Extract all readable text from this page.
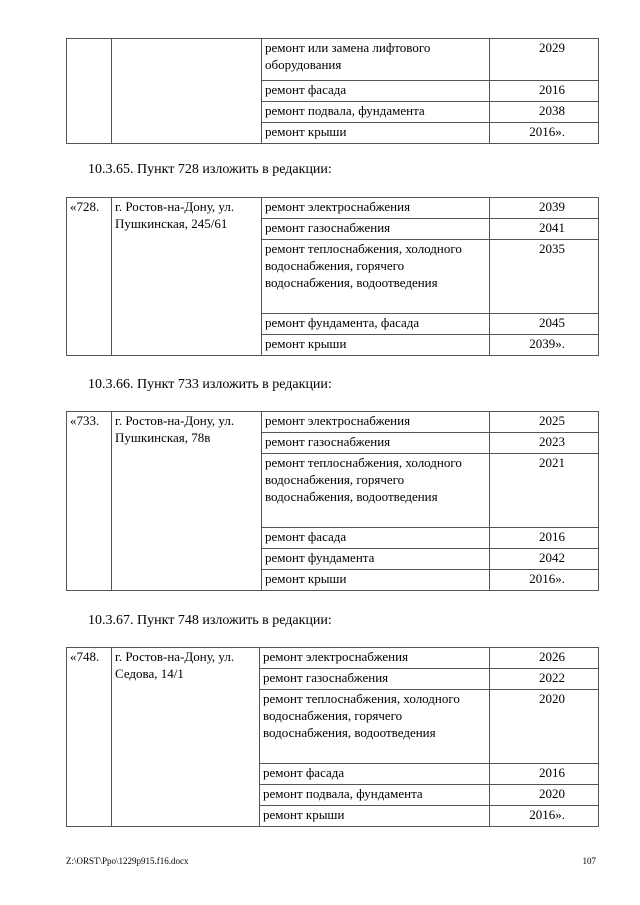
		ремонт или замена лифтового оборудования	2029
		ремонт фасада	2016
		ремонт подвала, фундамента	2038
		ремонт крыши	2016».
10.3.65. Пункт 728 изложить в редакции:
«728.	г. Ростов-на-Дону, ул. Пушкинская, 245/61	ремонт электроснабжения	2039
		ремонт газоснабжения	2041
		ремонт теплоснабжения, холодного водоснабжения, горячего водоснабжения, водоотведения	2035
		ремонт фундамента, фасада	2045
		ремонт крыши	2039».
10.3.66. Пункт 733 изложить в редакции:
«733.	г. Ростов-на-Дону, ул. Пушкинская, 78в	ремонт электроснабжения	2025
		ремонт газоснабжения	2023
		ремонт теплоснабжения, холодного водоснабжения, горячего водоснабжения, водоотведения	2021
		ремонт фасада	2016
		ремонт фундамента	2042
		ремонт крыши	2016».
10.3.67. Пункт 748 изложить в редакции:
«748.	г. Ростов-на-Дону, ул. Седова, 14/1	ремонт электроснабжения	2026
		ремонт газоснабжения	2022
		ремонт теплоснабжения, холодного водоснабжения, горячего водоснабжения, водоотведения	2020
		ремонт фасада	2016
		ремонт подвала, фундамента	2020
		ремонт крыши	2016».
Z:\ORST\Ppo\1229p915.f16.docx	107
